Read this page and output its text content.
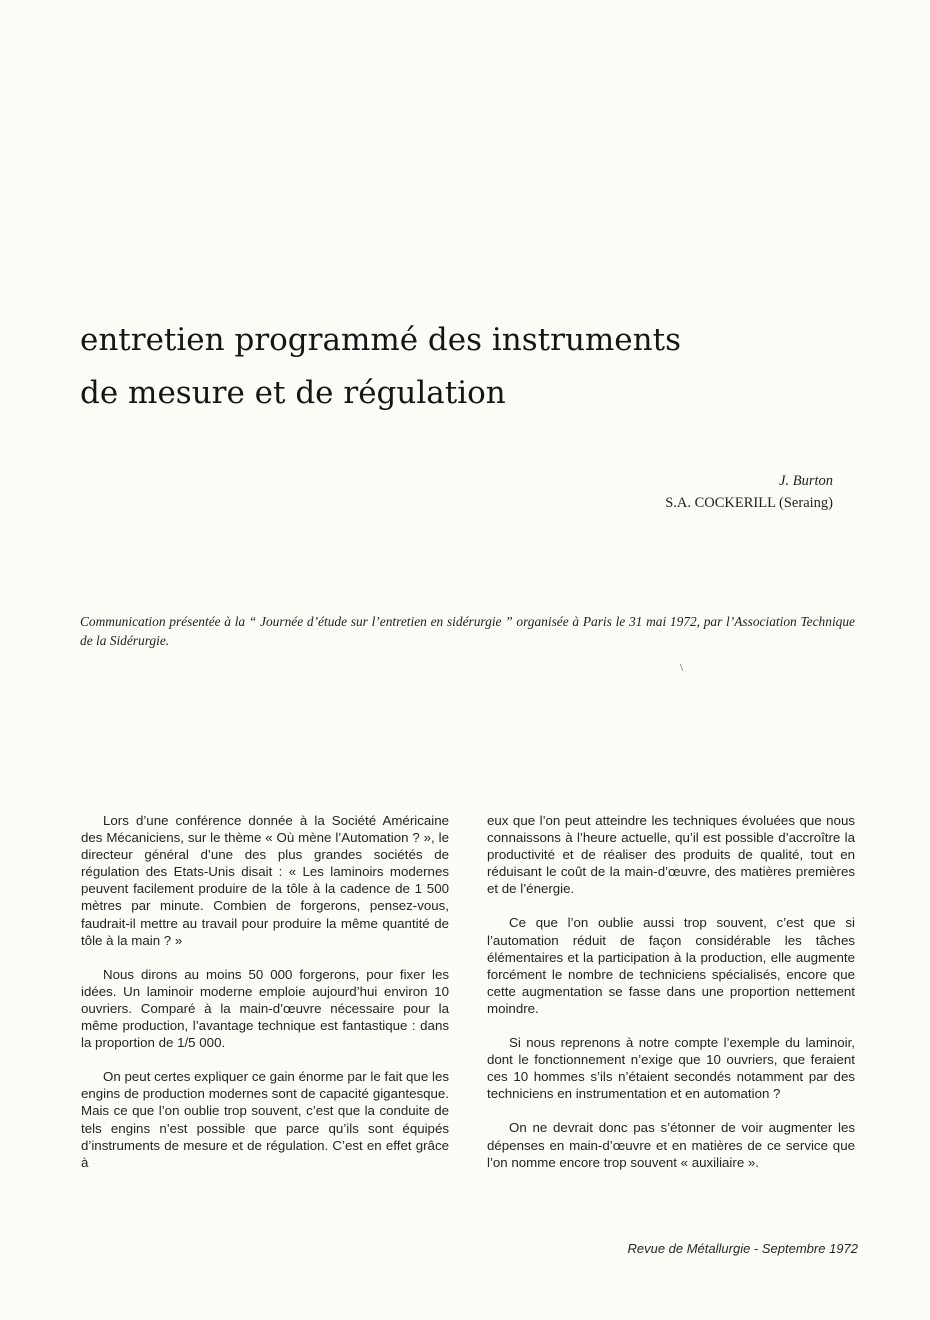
entretien programmé des instruments
de mesure et de régulation
J. Burton
S.A. COCKERILL (Seraing)

Communication présentée à la “ Journée d’étude sur l’entretien en sidérurgie ” organisée à Paris le 31 mai 1972, par l’Association Technique de la Sidérurgie.

\

Lors d’une conférence donnée à la Société Américaine des Mécaniciens, sur le thème « Où mène l’Automation ? », le directeur général d’une des plus grandes sociétés de régulation des Etats-Unis disait : « Les laminoirs modernes peuvent facilement produire de la tôle à la cadence de 1 500 mètres par minute. Combien de forgerons, pensez-vous, faudrait-il mettre au travail pour produire la même quantité de tôle à la main ? »

Nous dirons au moins 50 000 forgerons, pour fixer les idées. Un laminoir moderne emploie aujourd’hui environ 10 ouvriers. Comparé à la main-d’œuvre nécessaire pour la même production, l’avantage technique est fantastique : dans la proportion de 1/5 000.

On peut certes expliquer ce gain énorme par le fait que les engins de production modernes sont de capacité gigantesque. Mais ce que l’on oublie trop souvent, c’est que la conduite de tels engins n’est possible que parce qu’ils sont équipés d’instruments de mesure et de régulation. C’est en effet grâce à

eux que l’on peut atteindre les techniques évoluées que nous connaissons à l’heure actuelle, qu’il est possible d’accroître la productivité et de réaliser des produits de qualité, tout en réduisant le coût de la main-d’œuvre, des matières premières et de l’énergie.

Ce que l’on oublie aussi trop souvent, c’est que si l’automation réduit de façon considérable les tâches élémentaires et la participation à la production, elle augmente forcément le nombre de techniciens spécialisés, encore que cette augmentation se fasse dans une proportion nettement moindre.

Si nous reprenons à notre compte l’exemple du laminoir, dont le fonctionnement n’exige que 10 ouvriers, que feraient ces 10 hommes s’ils n’étaient secondés notamment par des techniciens en instrumentation et en automation ?

On ne devrait donc pas s’étonner de voir augmenter les dépenses en main-d’œuvre et en matières de ce service que l’on nomme encore trop souvent « auxiliaire ».

Revue de Métallurgie - Septembre 1972
